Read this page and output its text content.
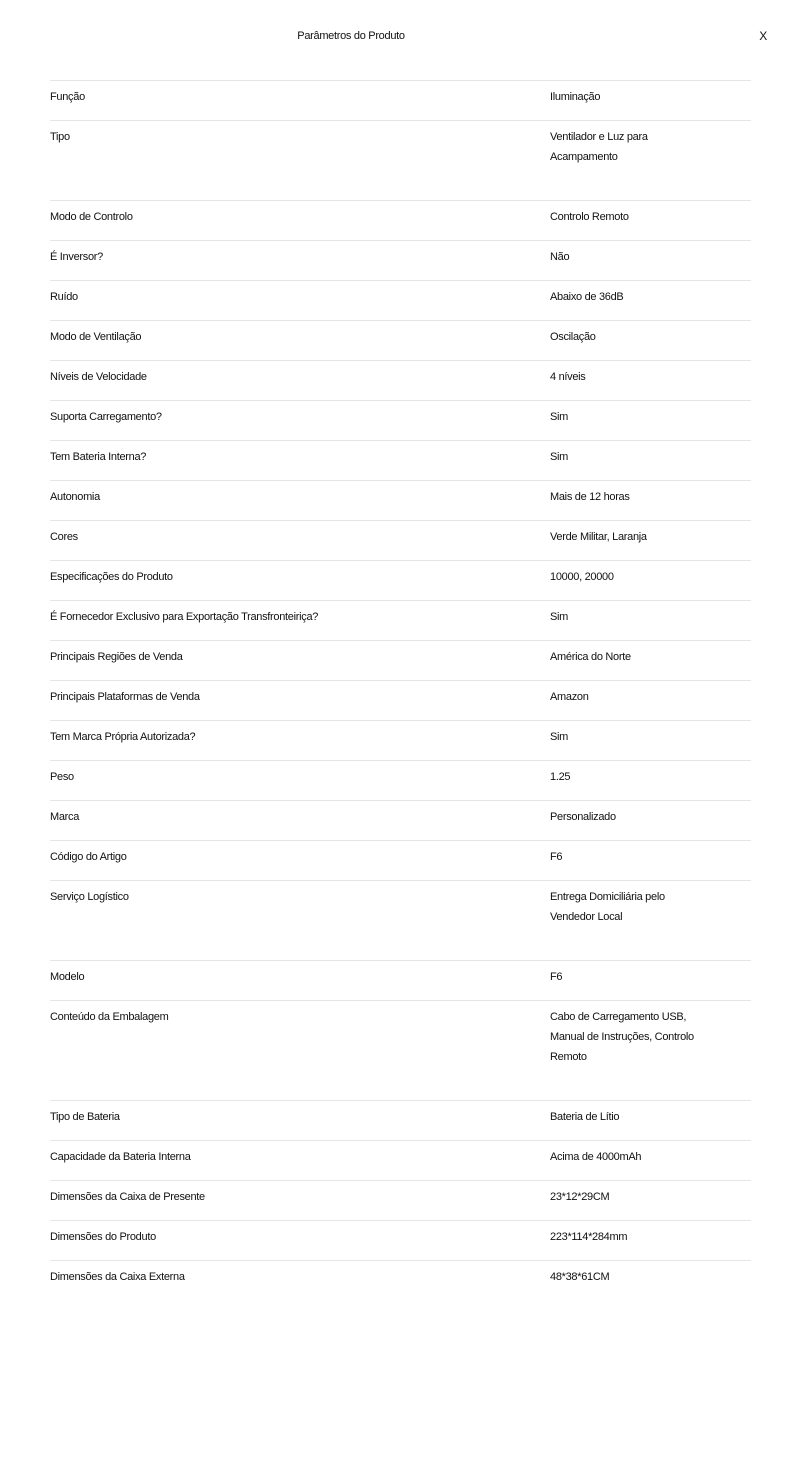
Parâmetros do Produto	X
Função	Iluminação
Tipo	Ventilador e Luz para Acampamento
Modo de Controlo	Controlo Remoto
É Inversor?	Não
Ruído	Abaixo de 36dB
Modo de Ventilação	Oscilação
Níveis de Velocidade	4 níveis
Suporta Carregamento?	Sim
Tem Bateria Interna?	Sim
Autonomia	Mais de 12 horas
Cores	Verde Militar, Laranja
Especificações do Produto	10000, 20000
É Fornecedor Exclusivo para Exportação Transfronteiriça?	Sim
Principais Regiões de Venda	América do Norte
Principais Plataformas de Venda	Amazon
Tem Marca Própria Autorizada?	Sim
Peso	1.25
Marca	Personalizado
Código do Artigo	F6
Serviço Logístico	Entrega Domiciliária pelo Vendedor Local
Modelo	F6
Conteúdo da Embalagem	Cabo de Carregamento USB, Manual de Instruções, Controlo Remoto
Tipo de Bateria	Bateria de Lítio
Capacidade da Bateria Interna	Acima de 4000mAh
Dimensões da Caixa de Presente	23*12*29CM
Dimensões do Produto	223*114*284mm
Dimensões da Caixa Externa	48*38*61CM
